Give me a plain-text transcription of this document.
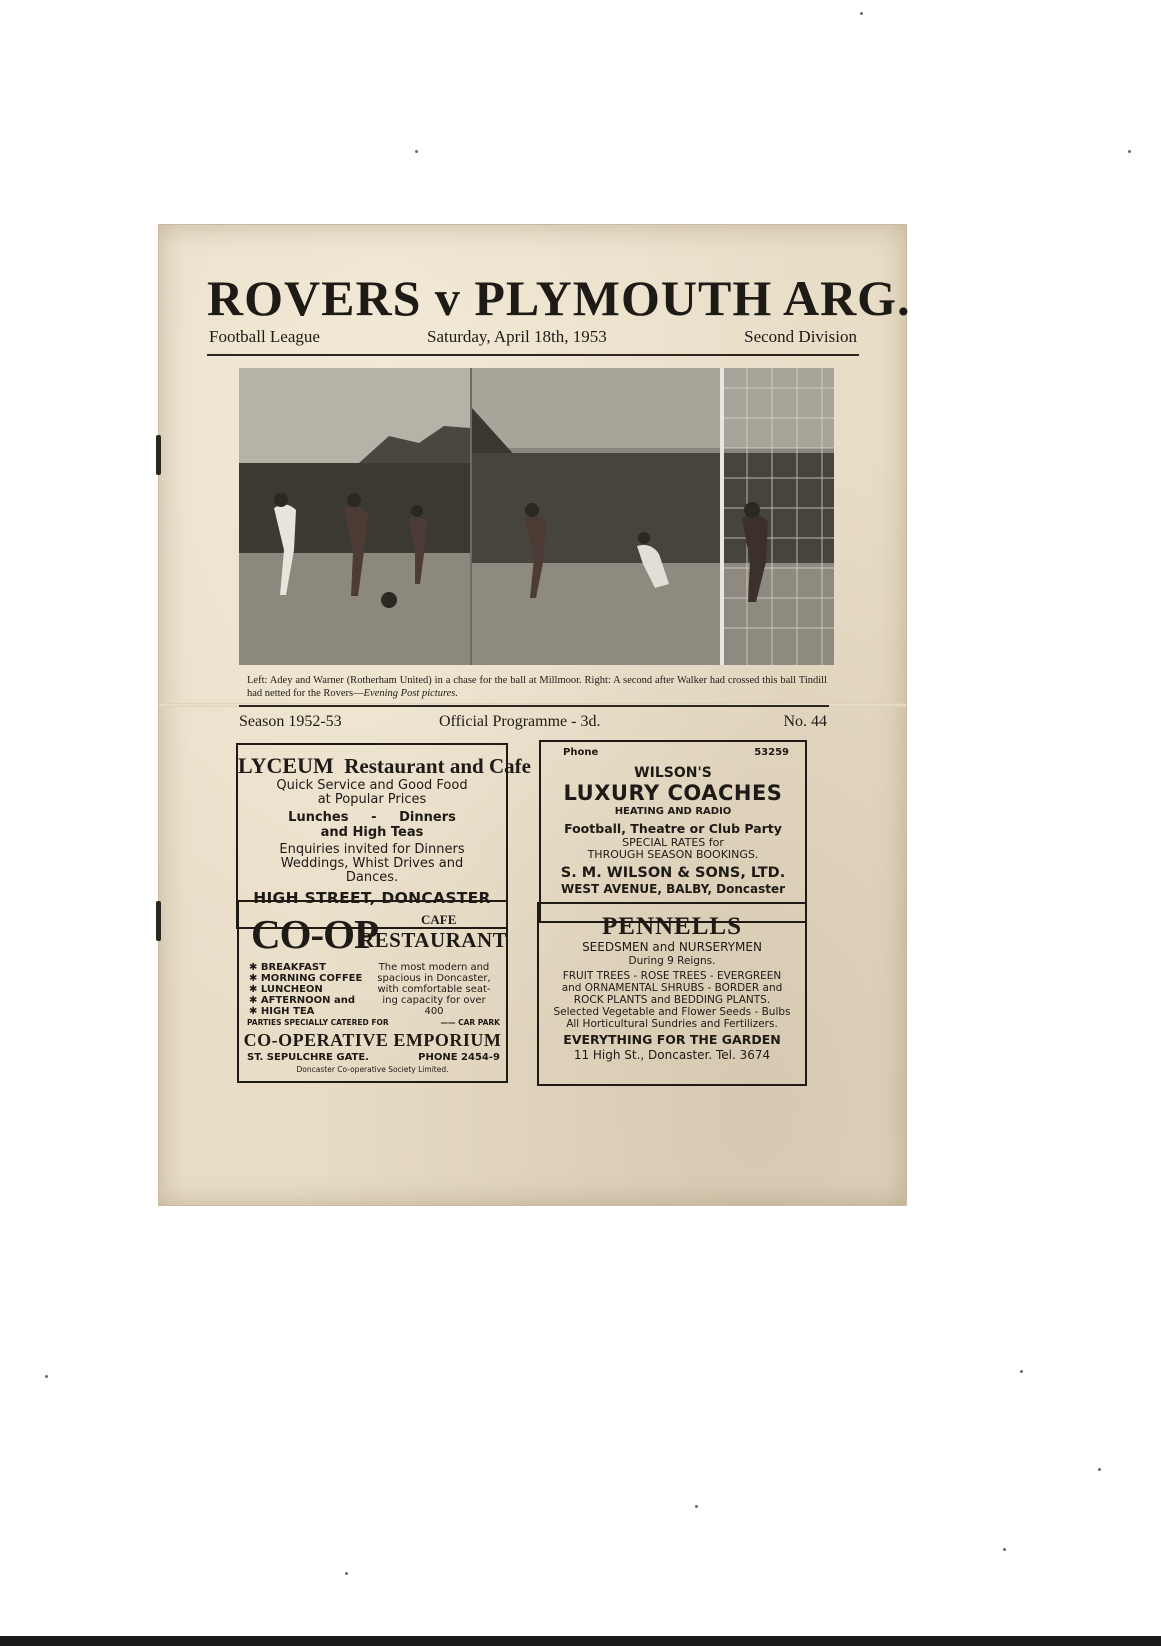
ROVERS v PLYMOUTH ARG.
Football League	Saturday, April 18th, 1953	Second Division
Left: Adey and Warner (Rotherham United) in a chase for the ball at Millmoor. Right: A second after Walker had crossed this ball Tindill had netted for the Rovers—Evening Post pictures.
Season 1952-53	Official Programme - 3d.	No. 44
LYCEUM Restaurant and Cafe
Quick Service and Good Food
at Popular Prices
Lunches     -     Dinners
and High Teas
Enquiries invited for Dinners
Weddings, Whist Drives and
Dances.
HIGH STREET, DONCASTER
Phone	53259
WILSON'S
LUXURY COACHES
HEATING AND RADIO
Football, Theatre or Club Party
SPECIAL RATES for
THROUGH SEASON BOOKINGS.
S. M. WILSON & SONS, LTD.
WEST AVENUE, BALBY, Doncaster
CO-OP	CAFE
RESTAURANT
✱ BREAKFAST
✱ MORNING COFFEE
✱ LUNCHEON
✱ AFTERNOON and
✱ HIGH TEA
The most modern and
spacious in Doncaster,
with comfortable seat-
ing capacity for over
400
PARTIES SPECIALLY CATERED FOR	—— CAR PARK
CO-OPERATIVE EMPORIUM
ST. SEPULCHRE GATE.	PHONE 2454-9
Doncaster Co-operative Society Limited.
PENNELLS
SEEDSMEN and NURSERYMEN
During 9 Reigns.
FRUIT TREES - ROSE TREES - EVERGREEN
and ORNAMENTAL SHRUBS - BORDER and
ROCK PLANTS and BEDDING PLANTS.
Selected Vegetable and Flower Seeds - Bulbs
All Horticultural Sundries and Fertilizers.
EVERYTHING FOR THE GARDEN
11 High St., Doncaster. Tel. 3674
